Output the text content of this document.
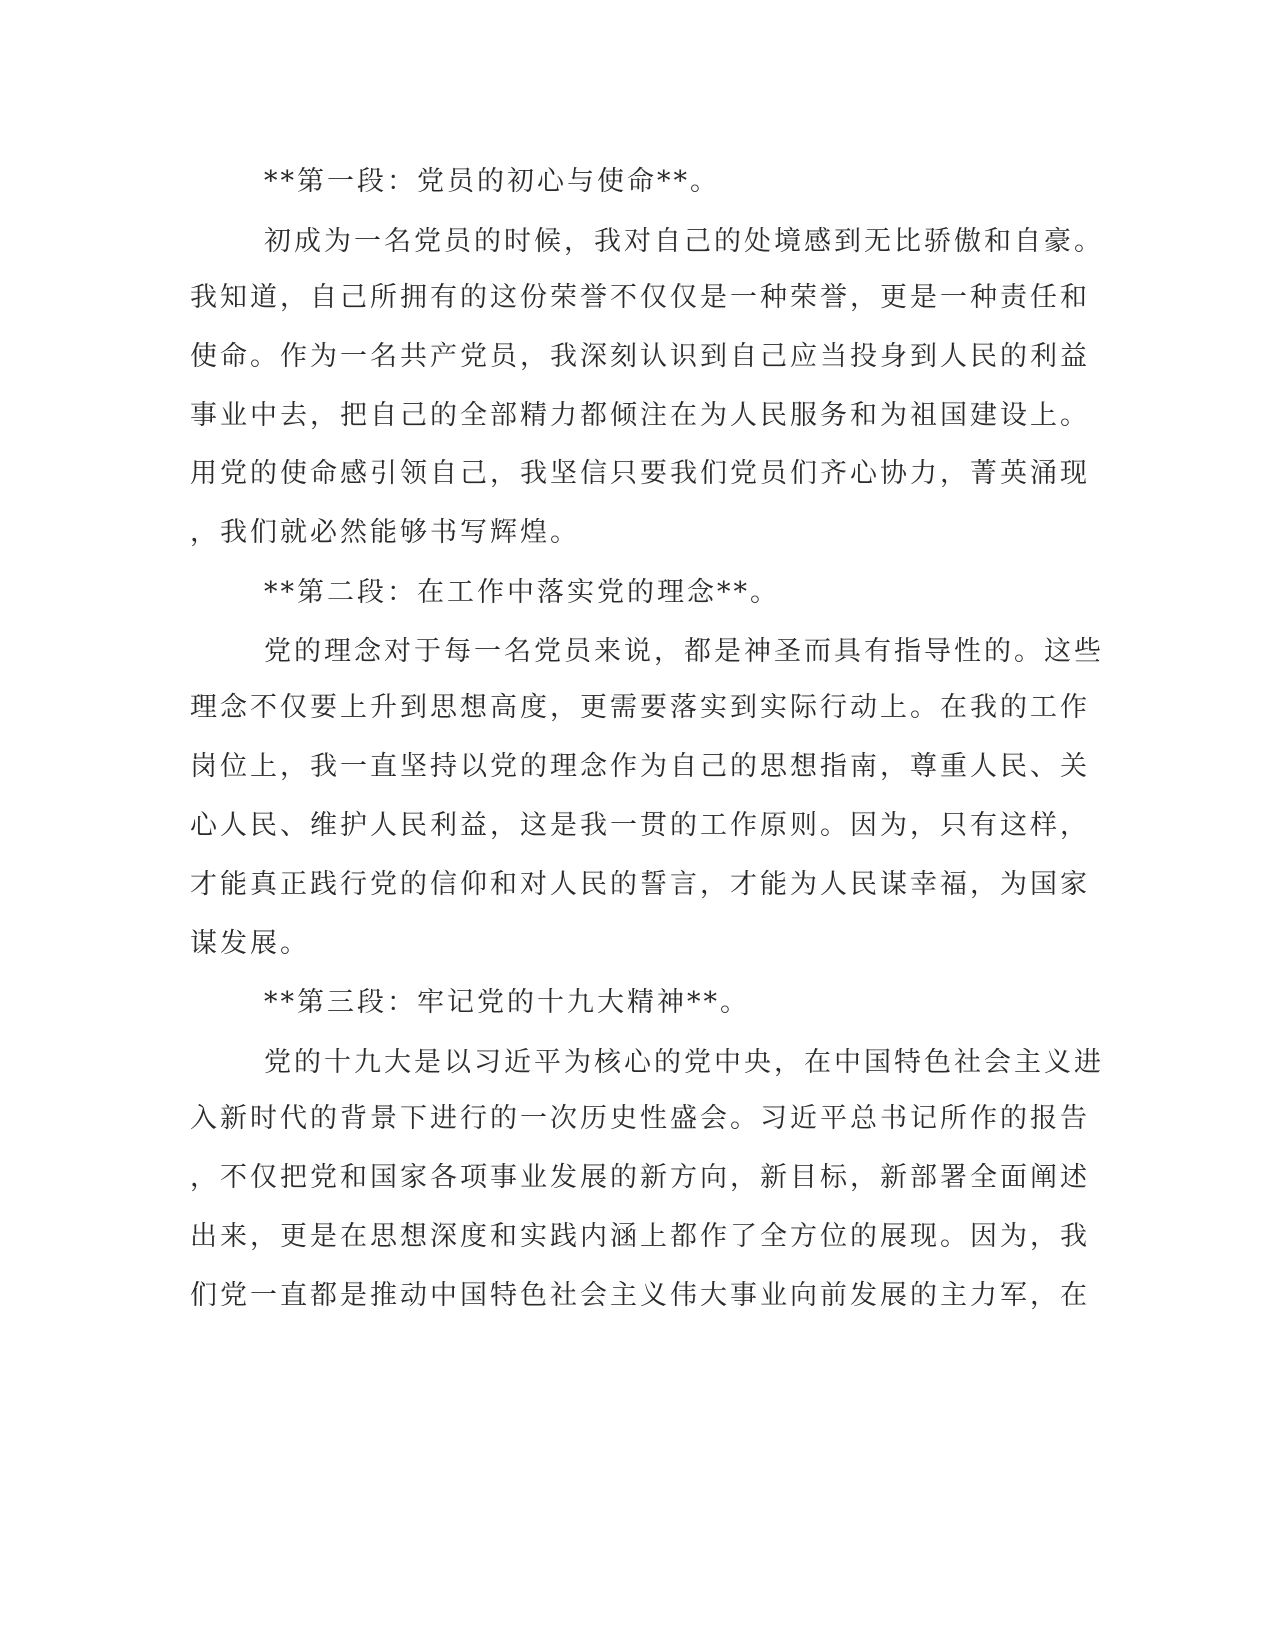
**第一段：党员的初心与使命**。
初成为一名党员的时候，我对自己的处境感到无比骄傲和自豪。
我知道，自己所拥有的这份荣誉不仅仅是一种荣誉，更是一种责任和
使命。作为一名共产党员，我深刻认识到自己应当投身到人民的利益
事业中去，把自己的全部精力都倾注在为人民服务和为祖国建设上。
用党的使命感引领自己，我坚信只要我们党员们齐心协力，菁英涌现
，我们就必然能够书写辉煌。
**第二段：在工作中落实党的理念**。
党的理念对于每一名党员来说，都是神圣而具有指导性的。这些
理念不仅要上升到思想高度，更需要落实到实际行动上。在我的工作
岗位上，我一直坚持以党的理念作为自己的思想指南，尊重人民、关
心人民、维护人民利益，这是我一贯的工作原则。因为，只有这样，
才能真正践行党的信仰和对人民的誓言，才能为人民谋幸福，为国家
谋发展。
**第三段：牢记党的十九大精神**。
党的十九大是以习近平为核心的党中央，在中国特色社会主义进
入新时代的背景下进行的一次历史性盛会。习近平总书记所作的报告
，不仅把党和国家各项事业发展的新方向，新目标，新部署全面阐述
出来，更是在思想深度和实践内涵上都作了全方位的展现。因为，我
们党一直都是推动中国特色社会主义伟大事业向前发展的主力军，在
